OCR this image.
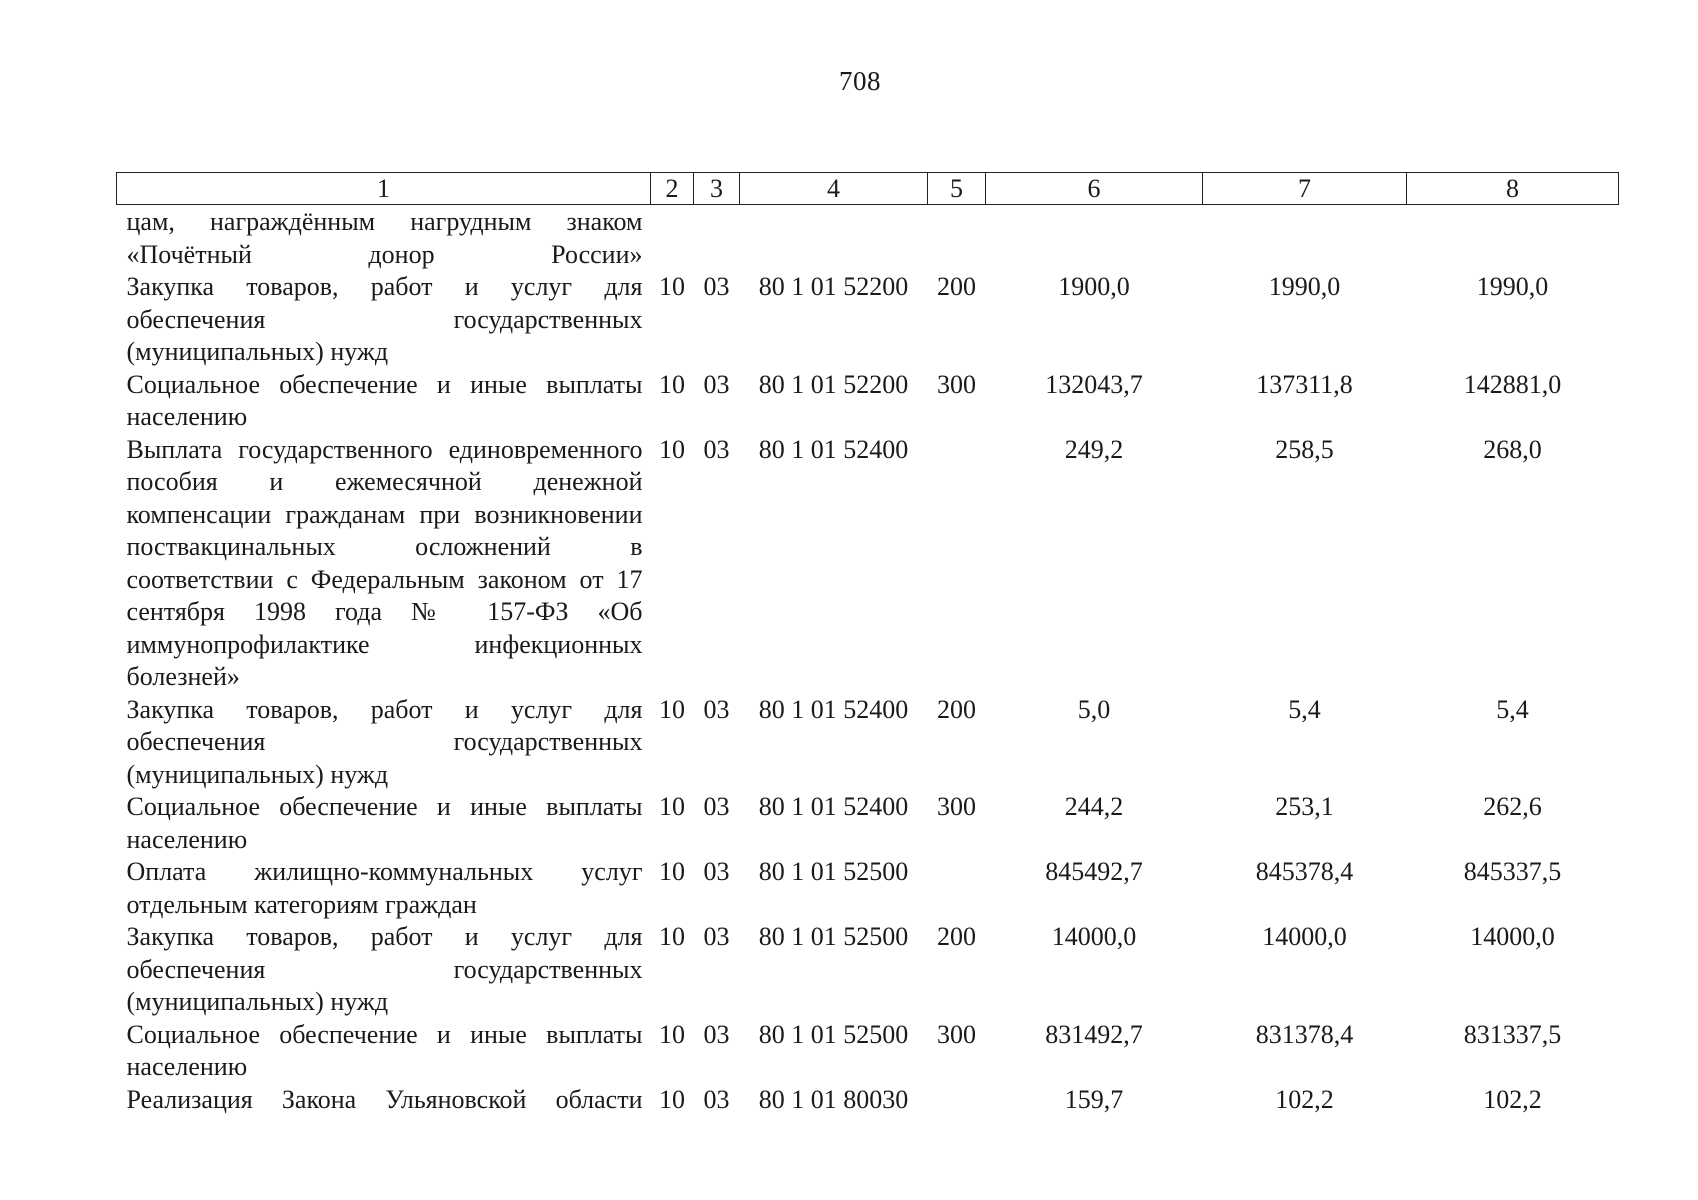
708
1	2	3	4	5	6	7	8
цам, награждённым нагрудным знаком «Почётный донор России»							
Закупка товаров, работ и услуг для обеспечения государственных (муниципальных) нужд	10	03	80 1 01 52200	200	1900,0	1990,0	1990,0
Социальное обеспечение и иные выплаты населению	10	03	80 1 01 52200	300	132043,7	137311,8	142881,0
Выплата государственного единовременного пособия и ежемесячной денежной компенсации гражданам при возникновении поствакцинальных осложнений в соответствии с Федеральным законом от 17 сентября 1998 года № 157-ФЗ «Об иммунопрофилактике инфекционных болезней»	10	03	80 1 01 52400		249,2	258,5	268,0
Закупка товаров, работ и услуг для обеспечения государственных (муниципальных) нужд	10	03	80 1 01 52400	200	5,0	5,4	5,4
Социальное обеспечение и иные выплаты населению	10	03	80 1 01 52400	300	244,2	253,1	262,6
Оплата жилищно-коммунальных услуг отдельным категориям граждан	10	03	80 1 01 52500		845492,7	845378,4	845337,5
Закупка товаров, работ и услуг для обеспечения государственных (муниципальных) нужд	10	03	80 1 01 52500	200	14000,0	14000,0	14000,0
Социальное обеспечение и иные выплаты населению	10	03	80 1 01 52500	300	831492,7	831378,4	831337,5
Реализация Закона Ульяновской области	10	03	80 1 01 80030		159,7	102,2	102,2
